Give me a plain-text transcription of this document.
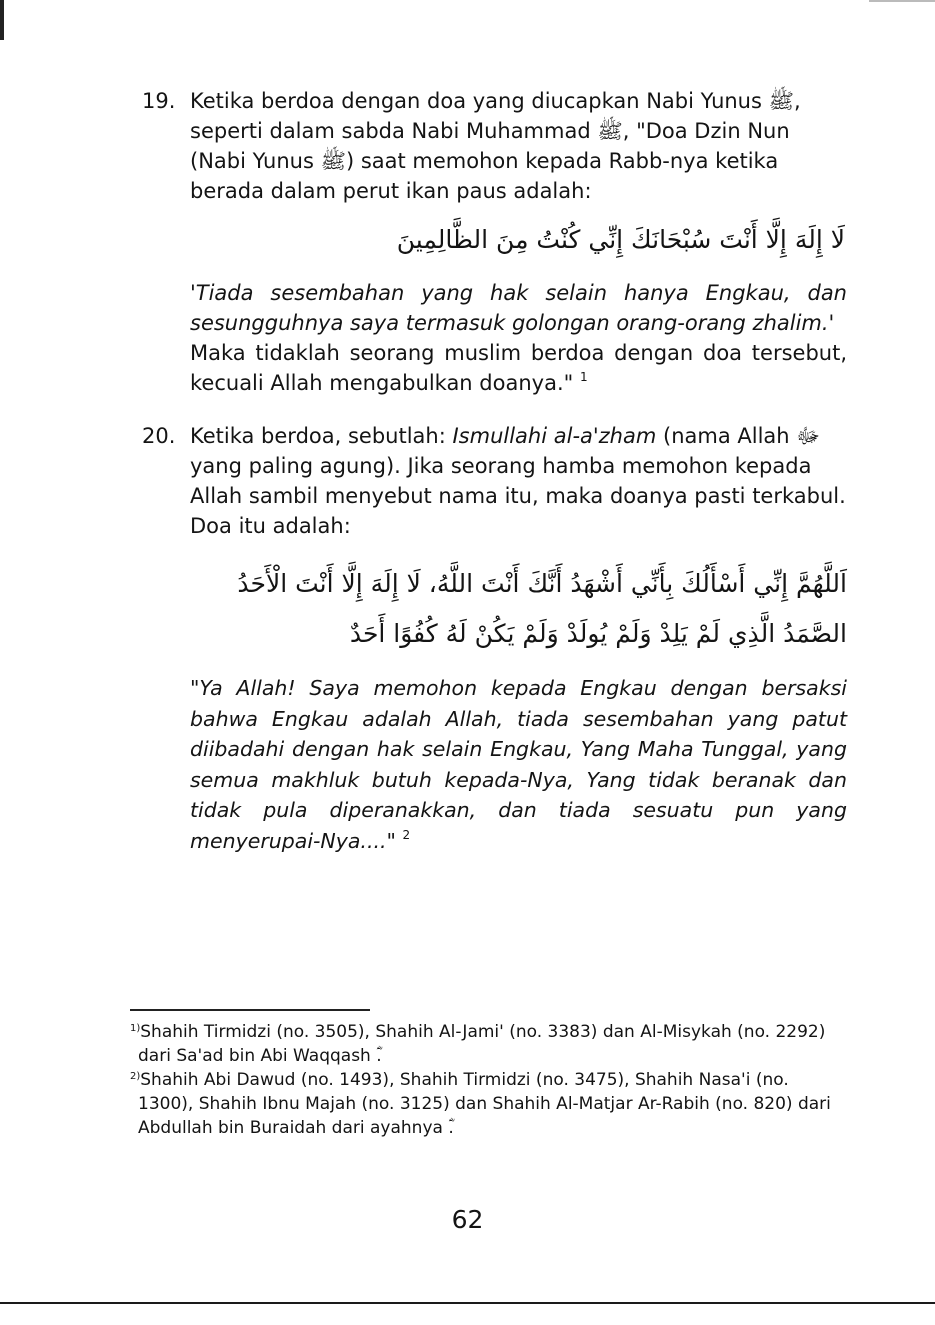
19. Ketika berdoa dengan doa yang diucapkan Nabi Yunus ﷺ, seperti dalam sabda Nabi Muhammad ﷺ, "Doa Dzin Nun (Nabi Yunus ﷺ) saat memohon kepada Rabb-nya ketika berada dalam perut ikan paus adalah:
لَا إِلَهَ إِلَّا أَنْتَ سُبْحَانَكَ إِنِّي كُنْتُ مِنَ الظَّالِمِينَ
'Tiada sesembahan yang hak selain hanya Engkau, dan sesungguhnya saya termasuk golongan orang-orang zhalim.'
Maka tidaklah seorang muslim berdoa dengan doa tersebut, kecuali Allah mengabulkan doanya." $^1$
20. Ketika berdoa, sebutlah: Ismullahi al-a'zham (nama Allah ﷻ yang paling agung). Jika seorang hamba memohon kepada Allah sambil menyebut nama itu, maka doanya pasti terkabul. Doa itu adalah:
اَللَّهُمَّ إِنِّي أَسْأَلُكَ بِأَنِّي أَشْهَدُ أَنَّكَ أَنْتَ اللَّهُ، لَا إِلَهَ إِلَّا أَنْتَ الْأَحَدُ الصَّمَدُ الَّذِي لَمْ يَلِدْ وَلَمْ يُولَدْ وَلَمْ يَكُنْ لَهُ كُفُوًا أَحَدٌ
"Ya Allah! Saya memohon kepada Engkau dengan bersaksi bahwa Engkau adalah Allah, tiada sesembahan yang patut diibadahi dengan hak selain Engkau, Yang Maha Tunggal, yang semua makhluk butuh kepada-Nya, Yang tidak beranak dan tidak pula diperanakkan, dan tiada sesuatu pun yang menyerupai-Nya...." $^2$
$^{1)}$Shahih Tirmidzi (no. 3505), Shahih Al-Jami' (no. 3383) dan Al-Misykah (no. 2292) dari Sa'ad bin Abi Waqqash ؓ.
$^{2)}$Shahih Abi Dawud (no. 1493), Shahih Tirmidzi (no. 3475), Shahih Nasa'i (no. 1300), Shahih Ibnu Majah (no. 3125) dan Shahih Al-Matjar Ar-Rabih (no. 820) dari Abdullah bin Buraidah dari ayahnya ؓ.
62
